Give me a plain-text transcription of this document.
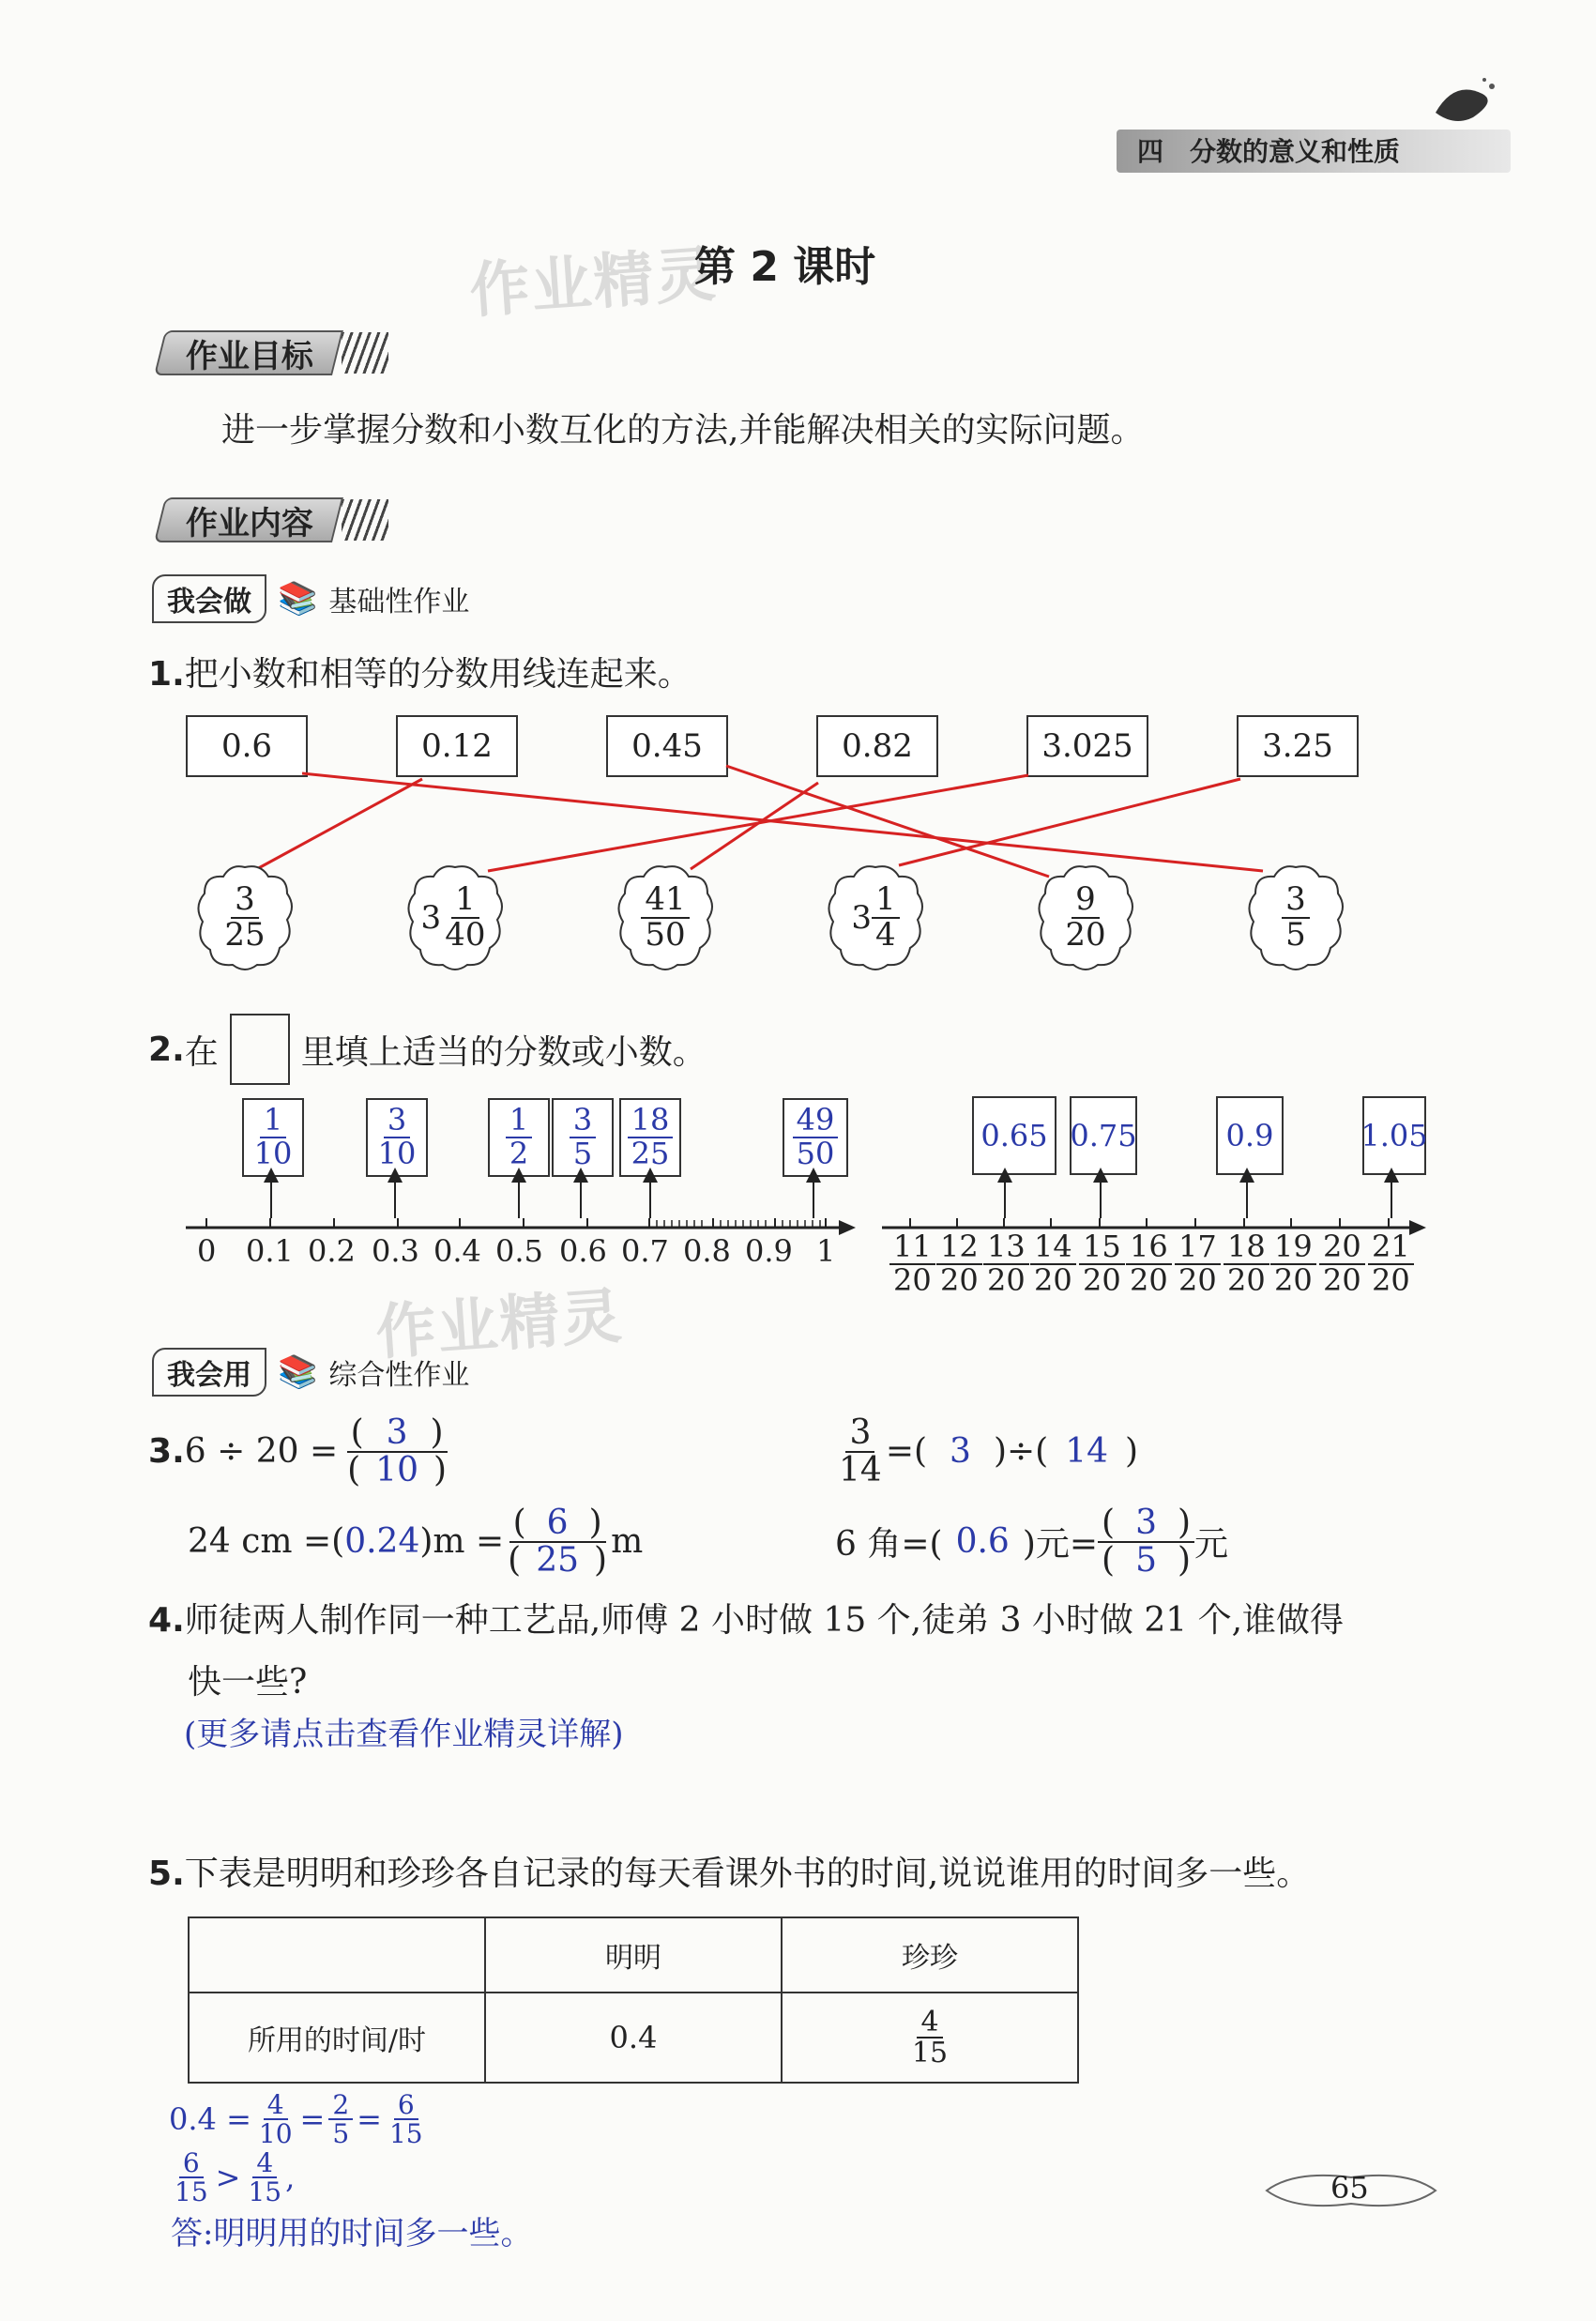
四　分数的意义和性质
作业精灵
第 2 课时
作业目标
进一步掌握分数和小数互化的方法,并能解决相关的实际问题。
作业内容
我会做 📚 基础性作业
1.把小数和相等的分数用线连起来。
0.6	0.12	0.45	0.82	3.025	3.25
$\frac{3}{25}$	$3 \frac{1}{40}$	$\frac{41}{50}$	$3 \frac{1}{4}$	$\frac{9}{20}$	$\frac{3}{5}$
2 . 在 里填上适当的分数或小数。
$\frac{1}{10}$	$\frac{3}{10}$	$\frac{1}{2} \frac{3}{5} \frac{18}{25}$	$\frac{49}{50}$
0 0.1 0.2 0.3 0.4 0.5 0.6 0.7 0.8 0.9 1
0.65 0.75	0.9	1.05
$\frac{11}{20} \frac{12}{20} \frac{13}{20} \frac{14}{20} \frac{15}{20} \frac{16}{20} \frac{17}{20} \frac{18}{20} \frac{19}{20} \frac{20}{20} \frac{21}{20}$
作业精灵
我会用 📚 综合性作业
3 . $6 \div 20 = \frac{( 3 )}{( 10 )}$	$\frac{3}{14}$ =( 3 )÷( 14 )
24 cm =( 0.24 )$m = \frac{( 6 )}{( 25 )}$ m	6 角=( 0.6 )元= $\frac{( 3 )}{( 5 )}$ 元
4.师徒两人制作同一种工艺品,师傅 2 小时做 15 个,徒弟 3 小时做 21 个,谁做得
快一些?
(更多请点击查看作业精灵详解)
5.下表是明明和珍珍各自记录的每天看课外书的时间,说说谁用的时间多一些。
	明明	珍珍
所用的时间/时	0.4	$\frac{4}{15}$
$0.4 = \frac{4}{10} = \frac{2}{5} = \frac{6}{15}$
$\frac{6}{15} > \frac{4}{15}$ ,
答:明明用的时间多一些。
65
